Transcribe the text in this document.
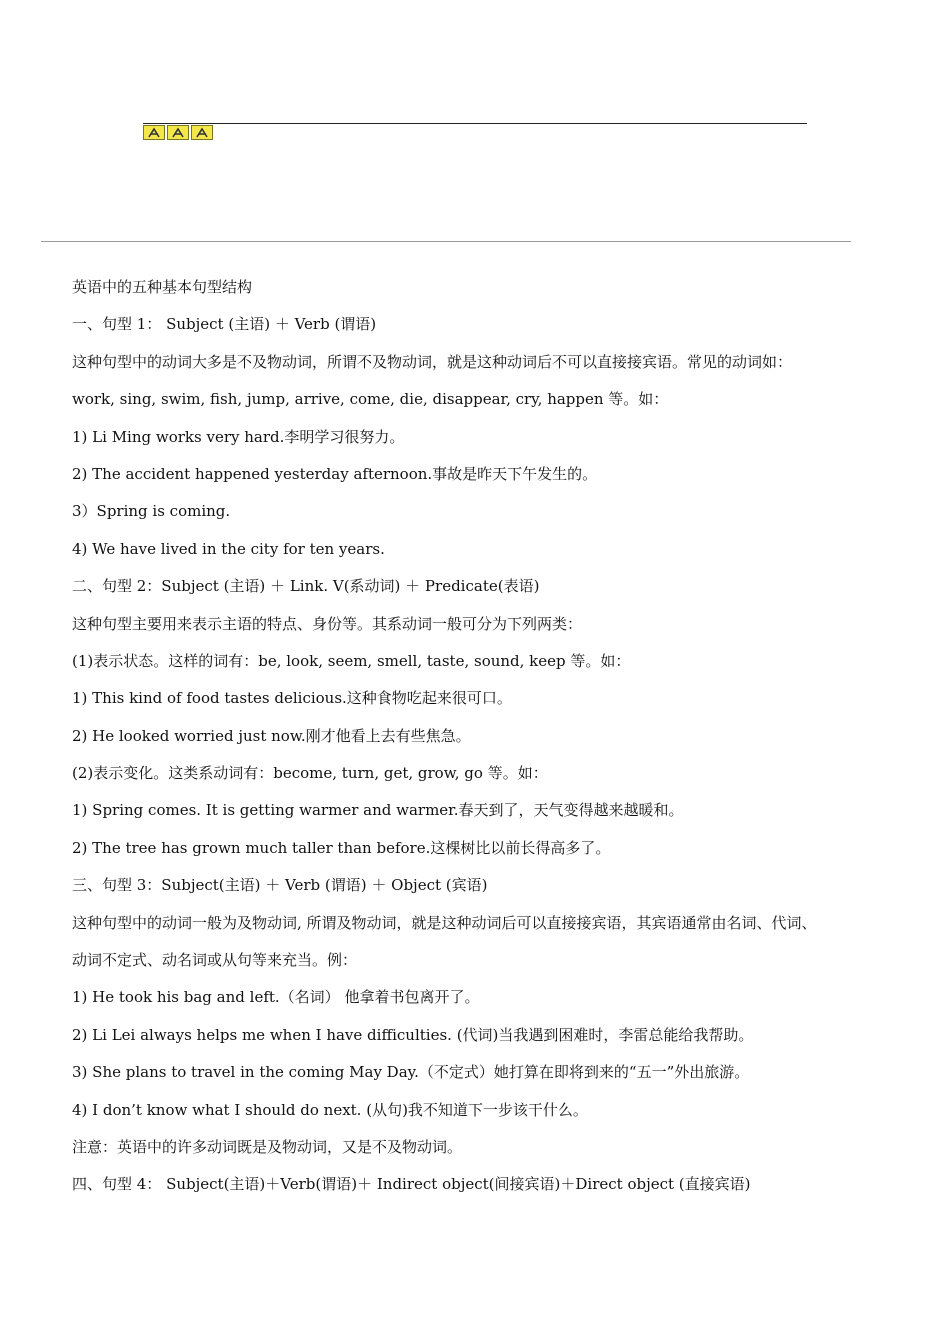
英语中的五种基本句型结构
一、句型 1： Subject (主语) ＋ Verb (谓语)
这种句型中的动词大多是不及物动词，所谓不及物动词，就是这种动词后不可以直接接宾语。常见的动词如：
work, sing, swim, fish, jump, arrive, come, die, disappear, cry, happen 等。如：
1) Li Ming works very hard.李明学习很努力。
2) The accident happened yesterday afternoon.事故是昨天下午发生的。
3）Spring is coming.
4) We have lived in the city for ten years.
二、句型 2：Subject (主语) ＋ Link. V(系动词) ＋ Predicate(表语)
这种句型主要用来表示主语的特点、身份等。其系动词一般可分为下列两类：
(1)表示状态。这样的词有：be, look, seem, smell, taste, sound, keep 等。如：
1) This kind of food tastes delicious.这种食物吃起来很可口。
2) He looked worried just now.刚才他看上去有些焦急。
(2)表示变化。这类系动词有：become, turn, get, grow, go 等。如：
1) Spring comes. It is getting warmer and warmer.春天到了，天气变得越来越暖和。
2) The tree has grown much taller than before.这棵树比以前长得高多了。
三、句型 3：Subject(主语) ＋ Verb (谓语) ＋ Object (宾语)
这种句型中的动词一般为及物动词, 所谓及物动词，就是这种动词后可以直接接宾语，其宾语通常由名词、代词、
动词不定式、动名词或从句等来充当。例：
1) He took his bag and left.（名词） 他拿着书包离开了。
2) Li Lei always helps me when I have difficulties. (代词)当我遇到困难时，李雷总能给我帮助。
3) She plans to travel in the coming May Day.（不定式）她打算在即将到来的“五一”外出旅游。
4) I don’t know what I should do next. (从句)我不知道下一步该干什么。
注意：英语中的许多动词既是及物动词，又是不及物动词。
四、句型 4： Subject(主语)＋Verb(谓语)＋ Indirect object(间接宾语)＋Direct object (直接宾语)
